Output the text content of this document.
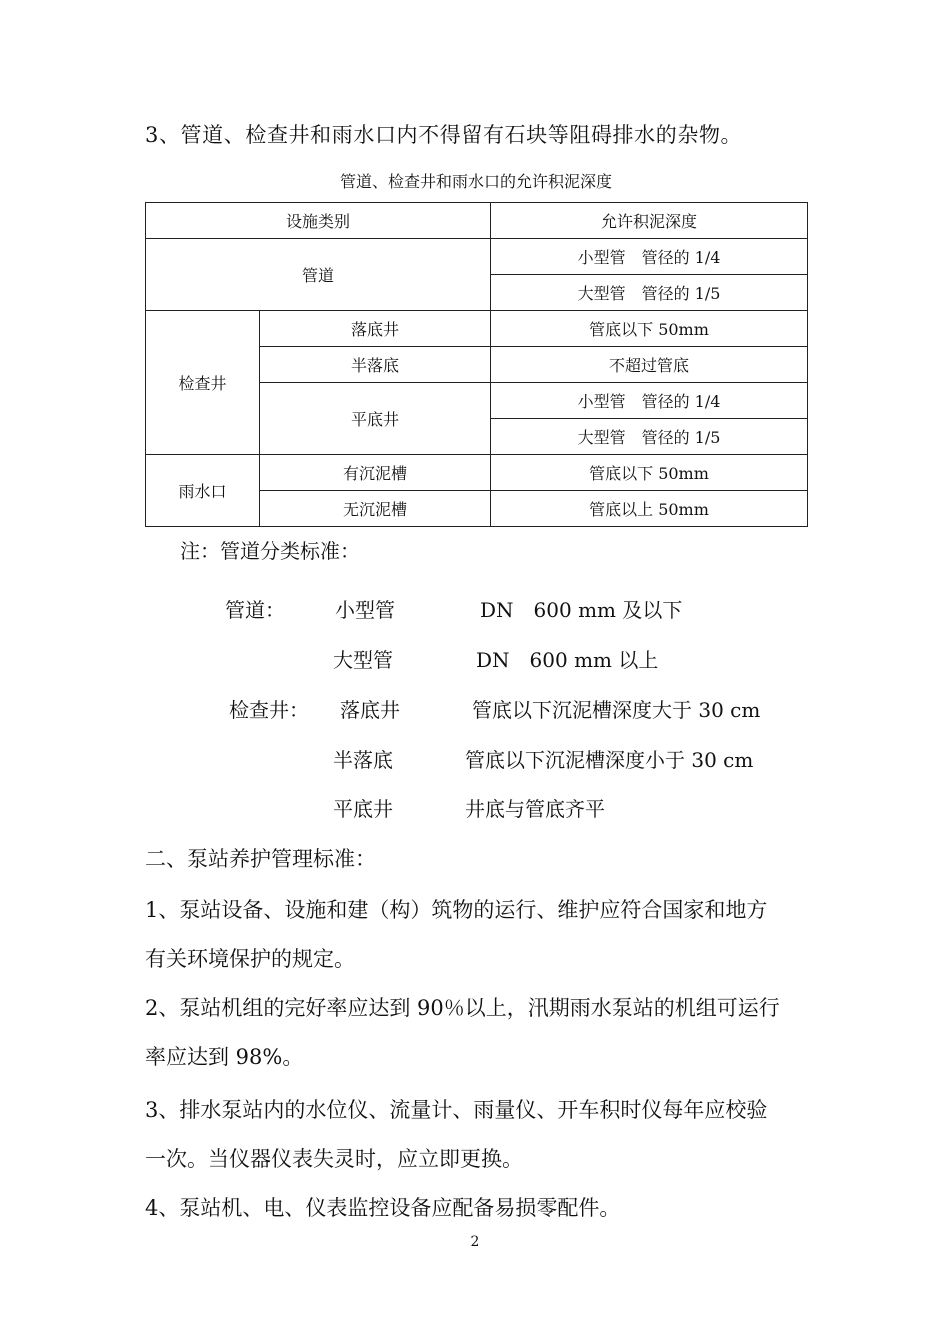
3、管道、检查井和雨水口内不得留有石块等阻碍排水的杂物。
管道、检查井和雨水口的允许积泥深度
设施类别		允许积泥深度
管道		小型管　管径的 1/4
		大型管　管径的 1/5
检查井	落底井	管底以下 50mm
	半落底	不超过管底
	平底井	小型管　管径的 1/4
		大型管　管径的 1/5
雨水口	有沉泥槽	管底以下 50mm
	无沉泥槽	管底以上 50mm
注：管道分类标准：
管道：	小型管	DN　600 mm 及以下
大型管	DN　600 mm 以上
检查井： 落底井	管底以下沉泥槽深度大于 30 cm
半落底	管底以下沉泥槽深度小于 30 cm
平底井	井底与管底齐平
二、泵站养护管理标准：
1、泵站设备、设施和建（构）筑物的运行、维护应符合国家和地方
有关环境保护的规定。
2、泵站机组的完好率应达到 90％以上，汛期雨水泵站的机组可运行
率应达到 98%。
3、排水泵站内的水位仪、流量计、雨量仪、开车积时仪每年应校验
一次。当仪器仪表失灵时，应立即更换。
4、泵站机、电、仪表监控设备应配备易损零配件。
2
